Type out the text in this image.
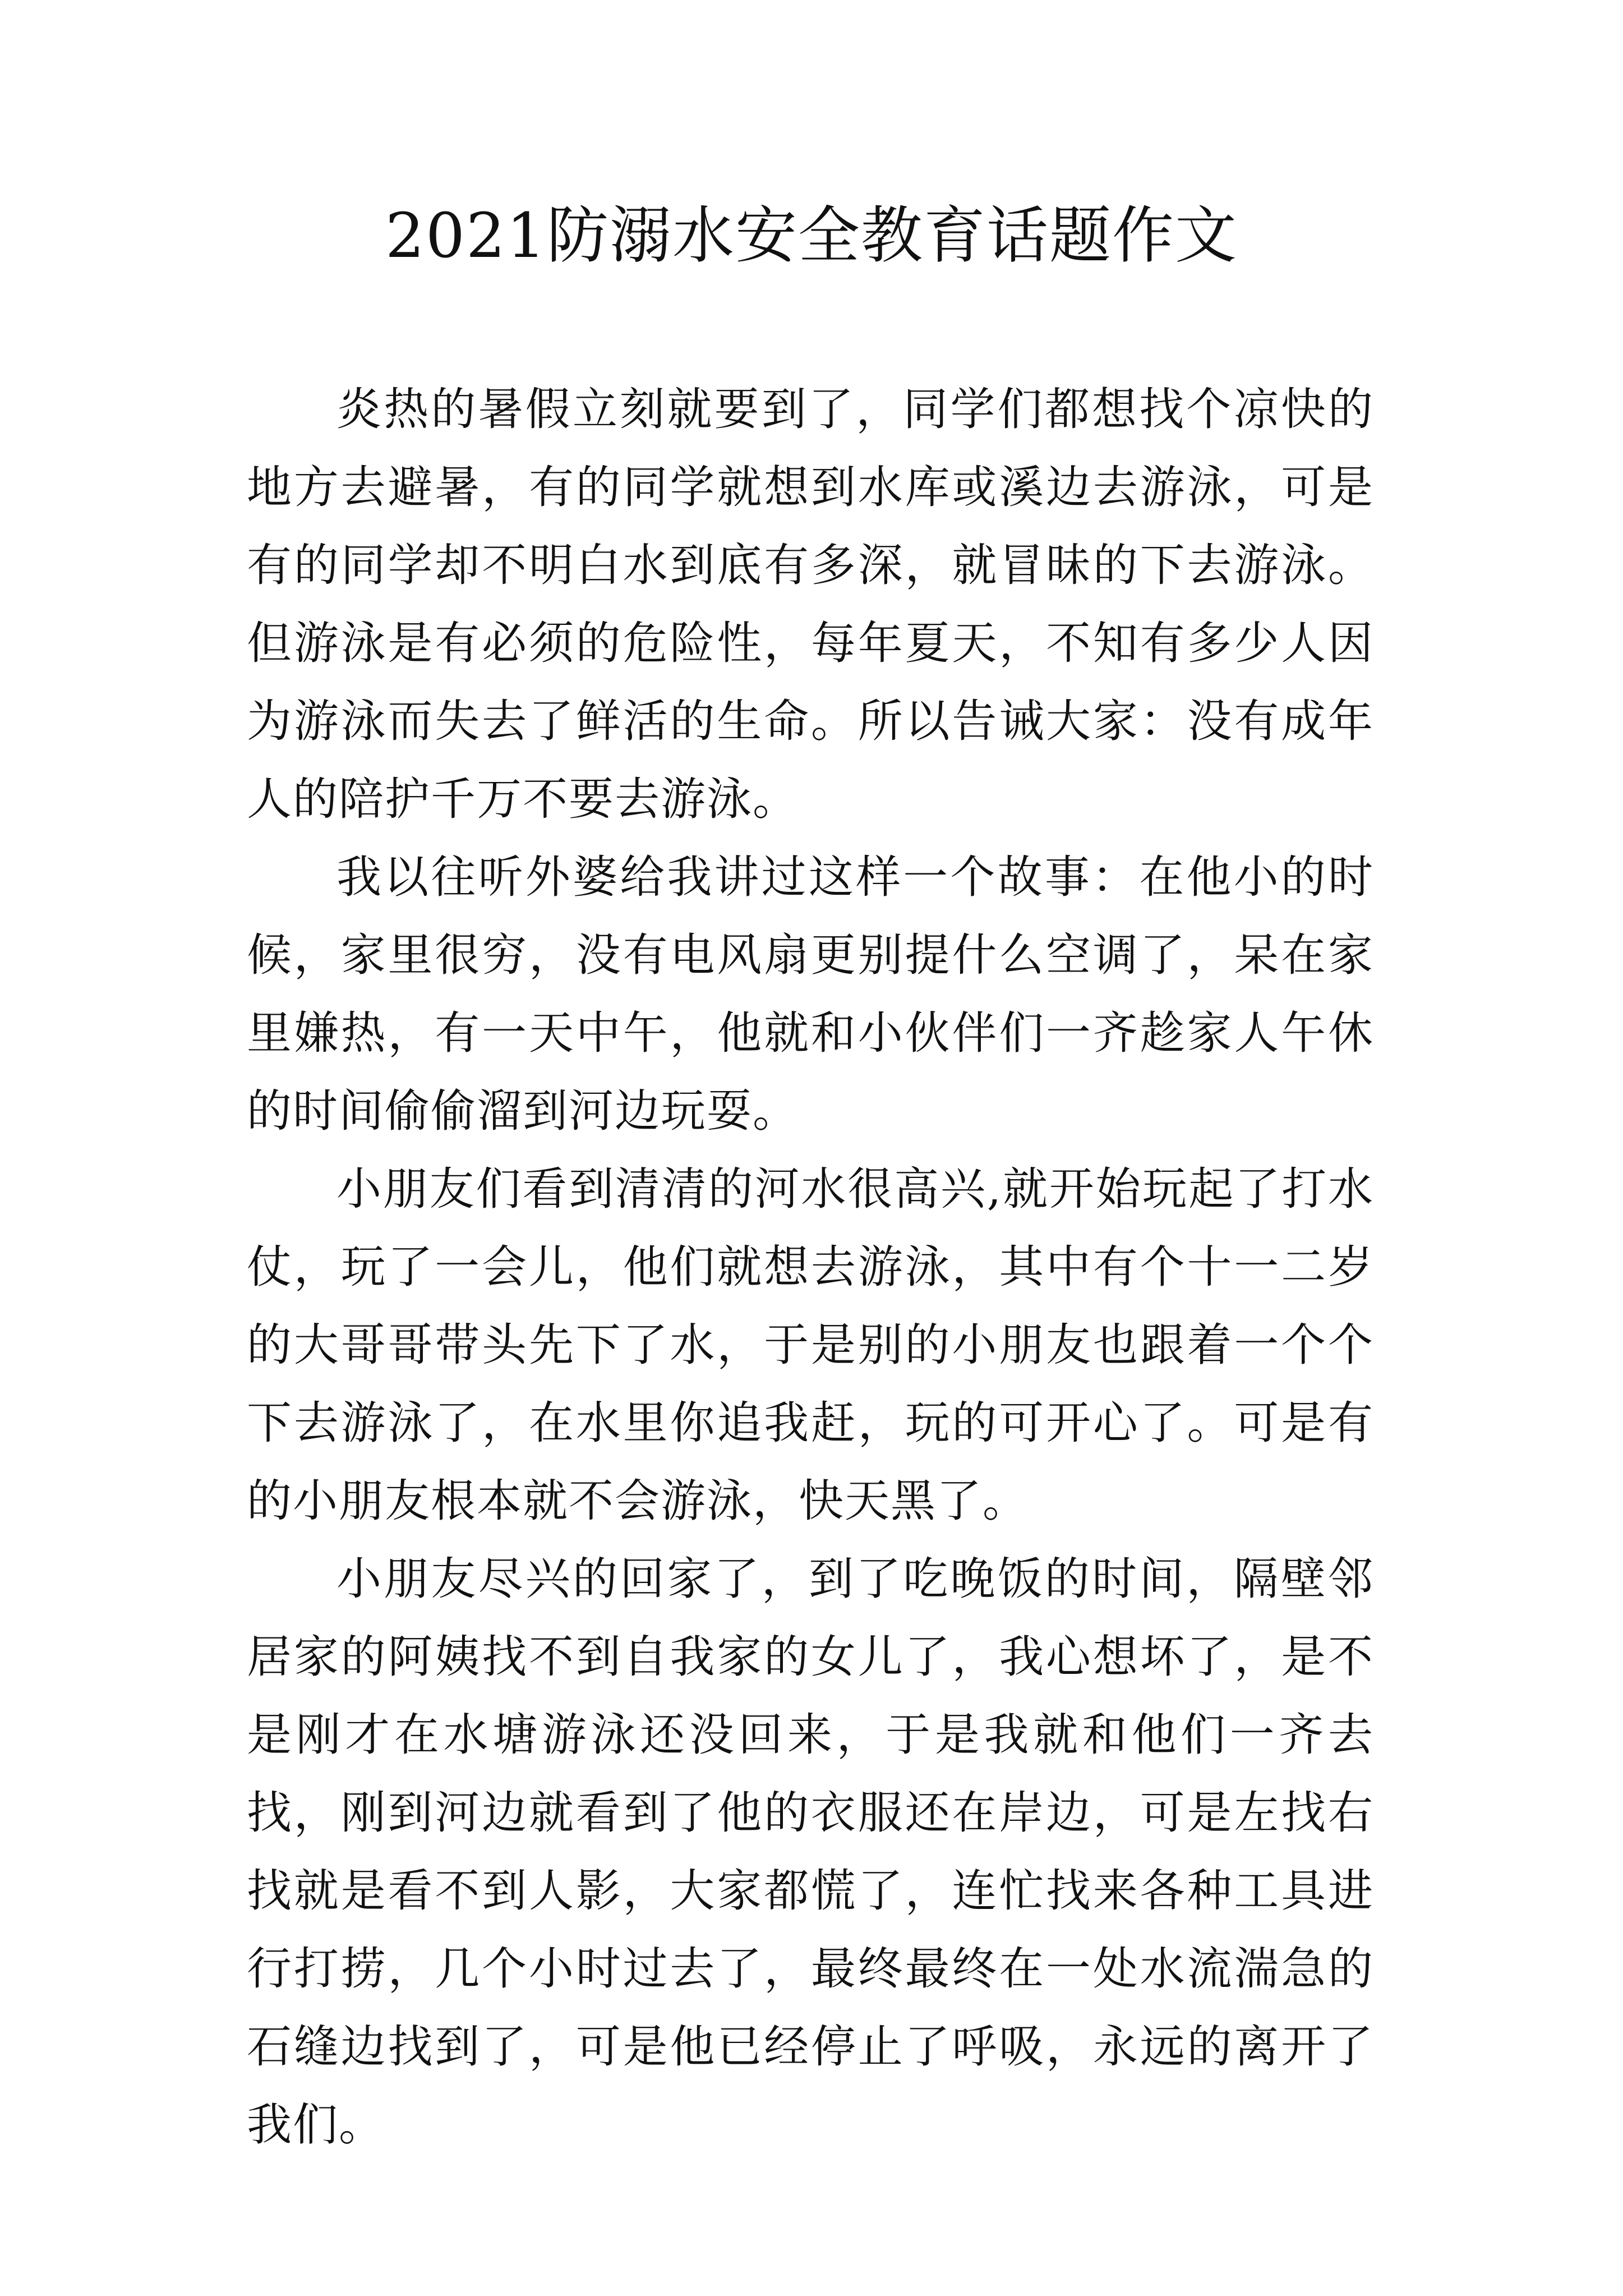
2021防溺水安全教育话题作文

炎热的暑假立刻就要到了，同学们都想找个凉快的地方去避暑，有的同学就想到水库或溪边去游泳，可是有的同学却不明白水到底有多深，就冒昧的下去游泳。但游泳是有必须的危险性，每年夏天，不知有多少人因为游泳而失去了鲜活的生命。所以告诫大家：没有成年人的陪护千万不要去游泳。

我以往听外婆给我讲过这样一个故事：在他小的时候，家里很穷，没有电风扇更别提什么空调了，呆在家里嫌热，有一天中午，他就和小伙伴们一齐趁家人午休的时间偷偷溜到河边玩耍。

小朋友们看到清清的河水很高兴,就开始玩起了打水仗，玩了一会儿，他们就想去游泳，其中有个十一二岁的大哥哥带头先下了水，于是别的小朋友也跟着一个个下去游泳了，在水里你追我赶，玩的可开心了。可是有的小朋友根本就不会游泳，快天黑了。

小朋友尽兴的回家了，到了吃晚饭的时间，隔壁邻居家的阿姨找不到自我家的女儿了，我心想坏了，是不是刚才在水塘游泳还没回来，于是我就和他们一齐去找，刚到河边就看到了他的衣服还在岸边，可是左找右找就是看不到人影，大家都慌了，连忙找来各种工具进行打捞，几个小时过去了，最终最终在一处水流湍急的石缝边找到了，可是他已经停止了呼吸，永远的离开了我们。
